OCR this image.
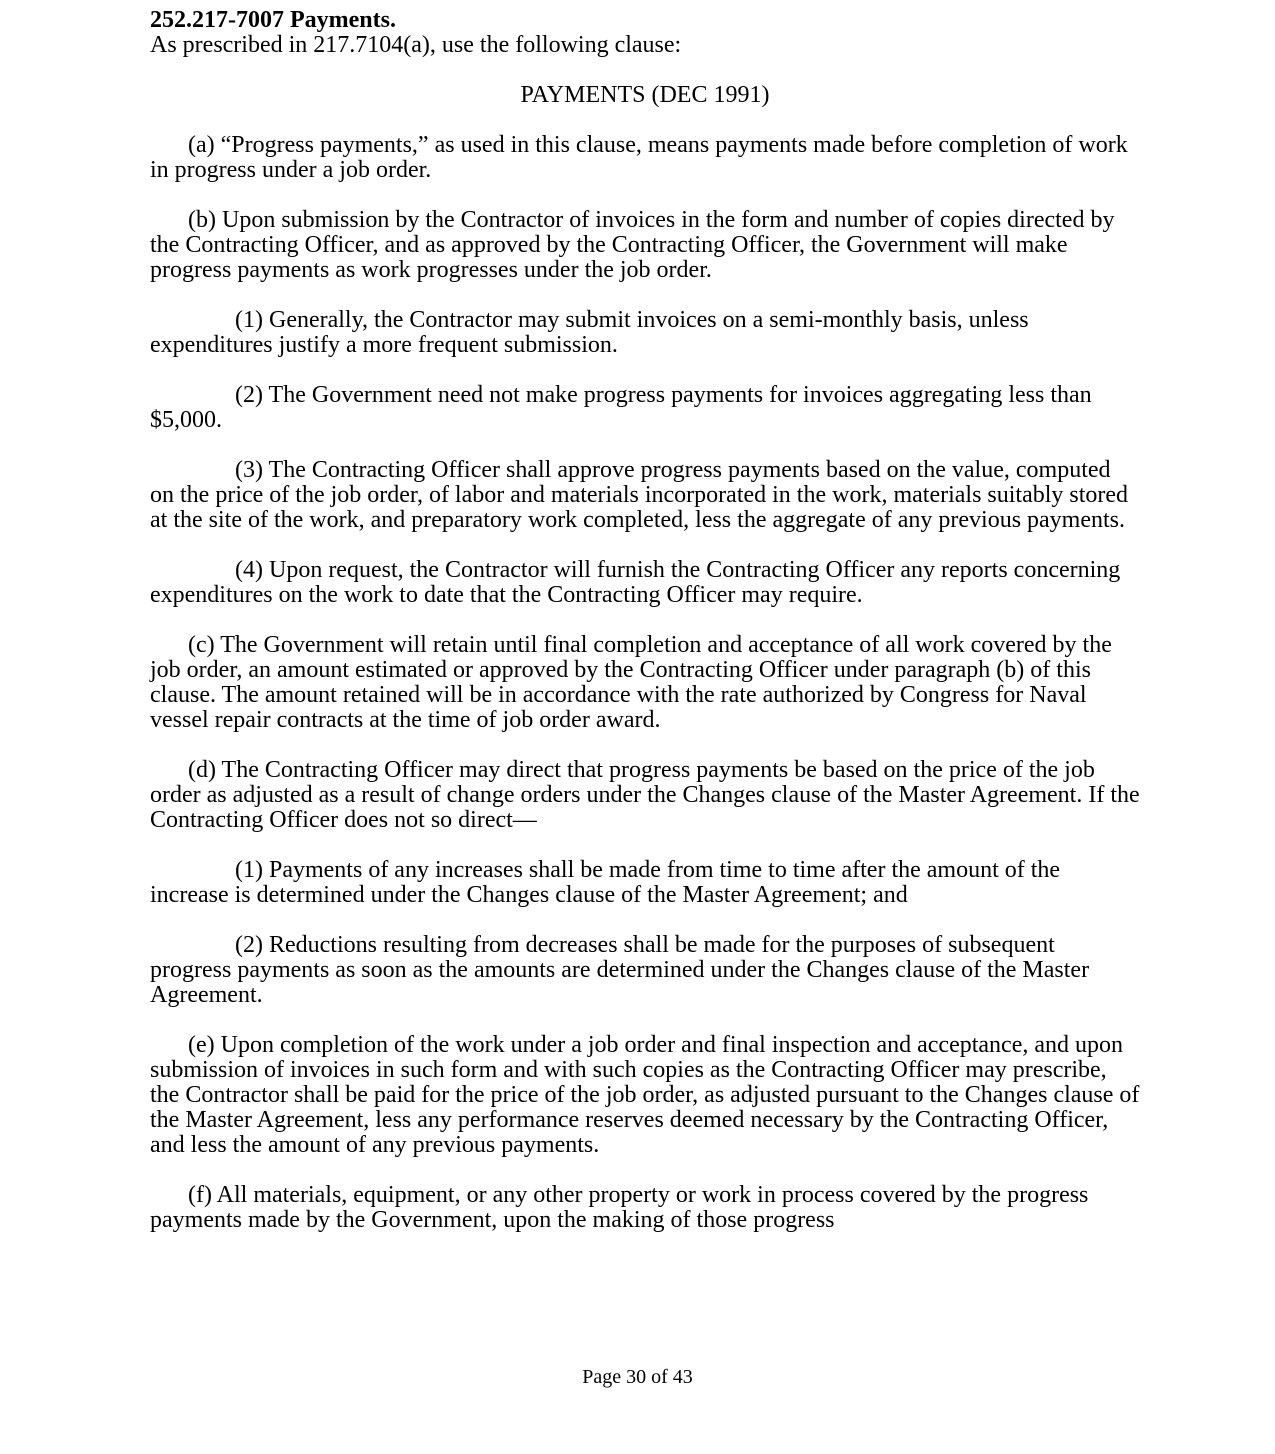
252.217-7007 Payments.

As prescribed in 217.7104(a), use the following clause:

PAYMENTS (DEC 1991)

(a) “Progress payments,” as used in this clause, means payments made before completion of work in progress under a job order.

(b) Upon submission by the Contractor of invoices in the form and number of copies directed by the Contracting Officer, and as approved by the Contracting Officer, the Government will make progress payments as work progresses under the job order.

(1) Generally, the Contractor may submit invoices on a semi-monthly basis, unless expenditures justify a more frequent submission.

(2) The Government need not make progress payments for invoices aggregating less than $5,000.

(3) The Contracting Officer shall approve progress payments based on the value, computed on the price of the job order, of labor and materials incorporated in the work, materials suitably stored at the site of the work, and preparatory work completed, less the aggregate of any previous payments.

(4) Upon request, the Contractor will furnish the Contracting Officer any reports concerning expenditures on the work to date that the Contracting Officer may require.

(c) The Government will retain until final completion and acceptance of all work covered by the job order, an amount estimated or approved by the Contracting Officer under paragraph (b) of this clause. The amount retained will be in accordance with the rate authorized by Congress for Naval vessel repair contracts at the time of job order award.

(d) The Contracting Officer may direct that progress payments be based on the price of the job order as adjusted as a result of change orders under the Changes clause of the Master Agreement. If the Contracting Officer does not so direct—

(1) Payments of any increases shall be made from time to time after the amount of the increase is determined under the Changes clause of the Master Agreement; and

(2) Reductions resulting from decreases shall be made for the purposes of subsequent progress payments as soon as the amounts are determined under the Changes clause of the Master Agreement.

(e) Upon completion of the work under a job order and final inspection and acceptance, and upon submission of invoices in such form and with such copies as the Contracting Officer may prescribe, the Contractor shall be paid for the price of the job order, as adjusted pursuant to the Changes clause of the Master Agreement, less any performance reserves deemed necessary by the Contracting Officer, and less the amount of any previous payments.

(f) All materials, equipment, or any other property or work in process covered by the progress payments made by the Government, upon the making of those progress

Page 30 of 43
